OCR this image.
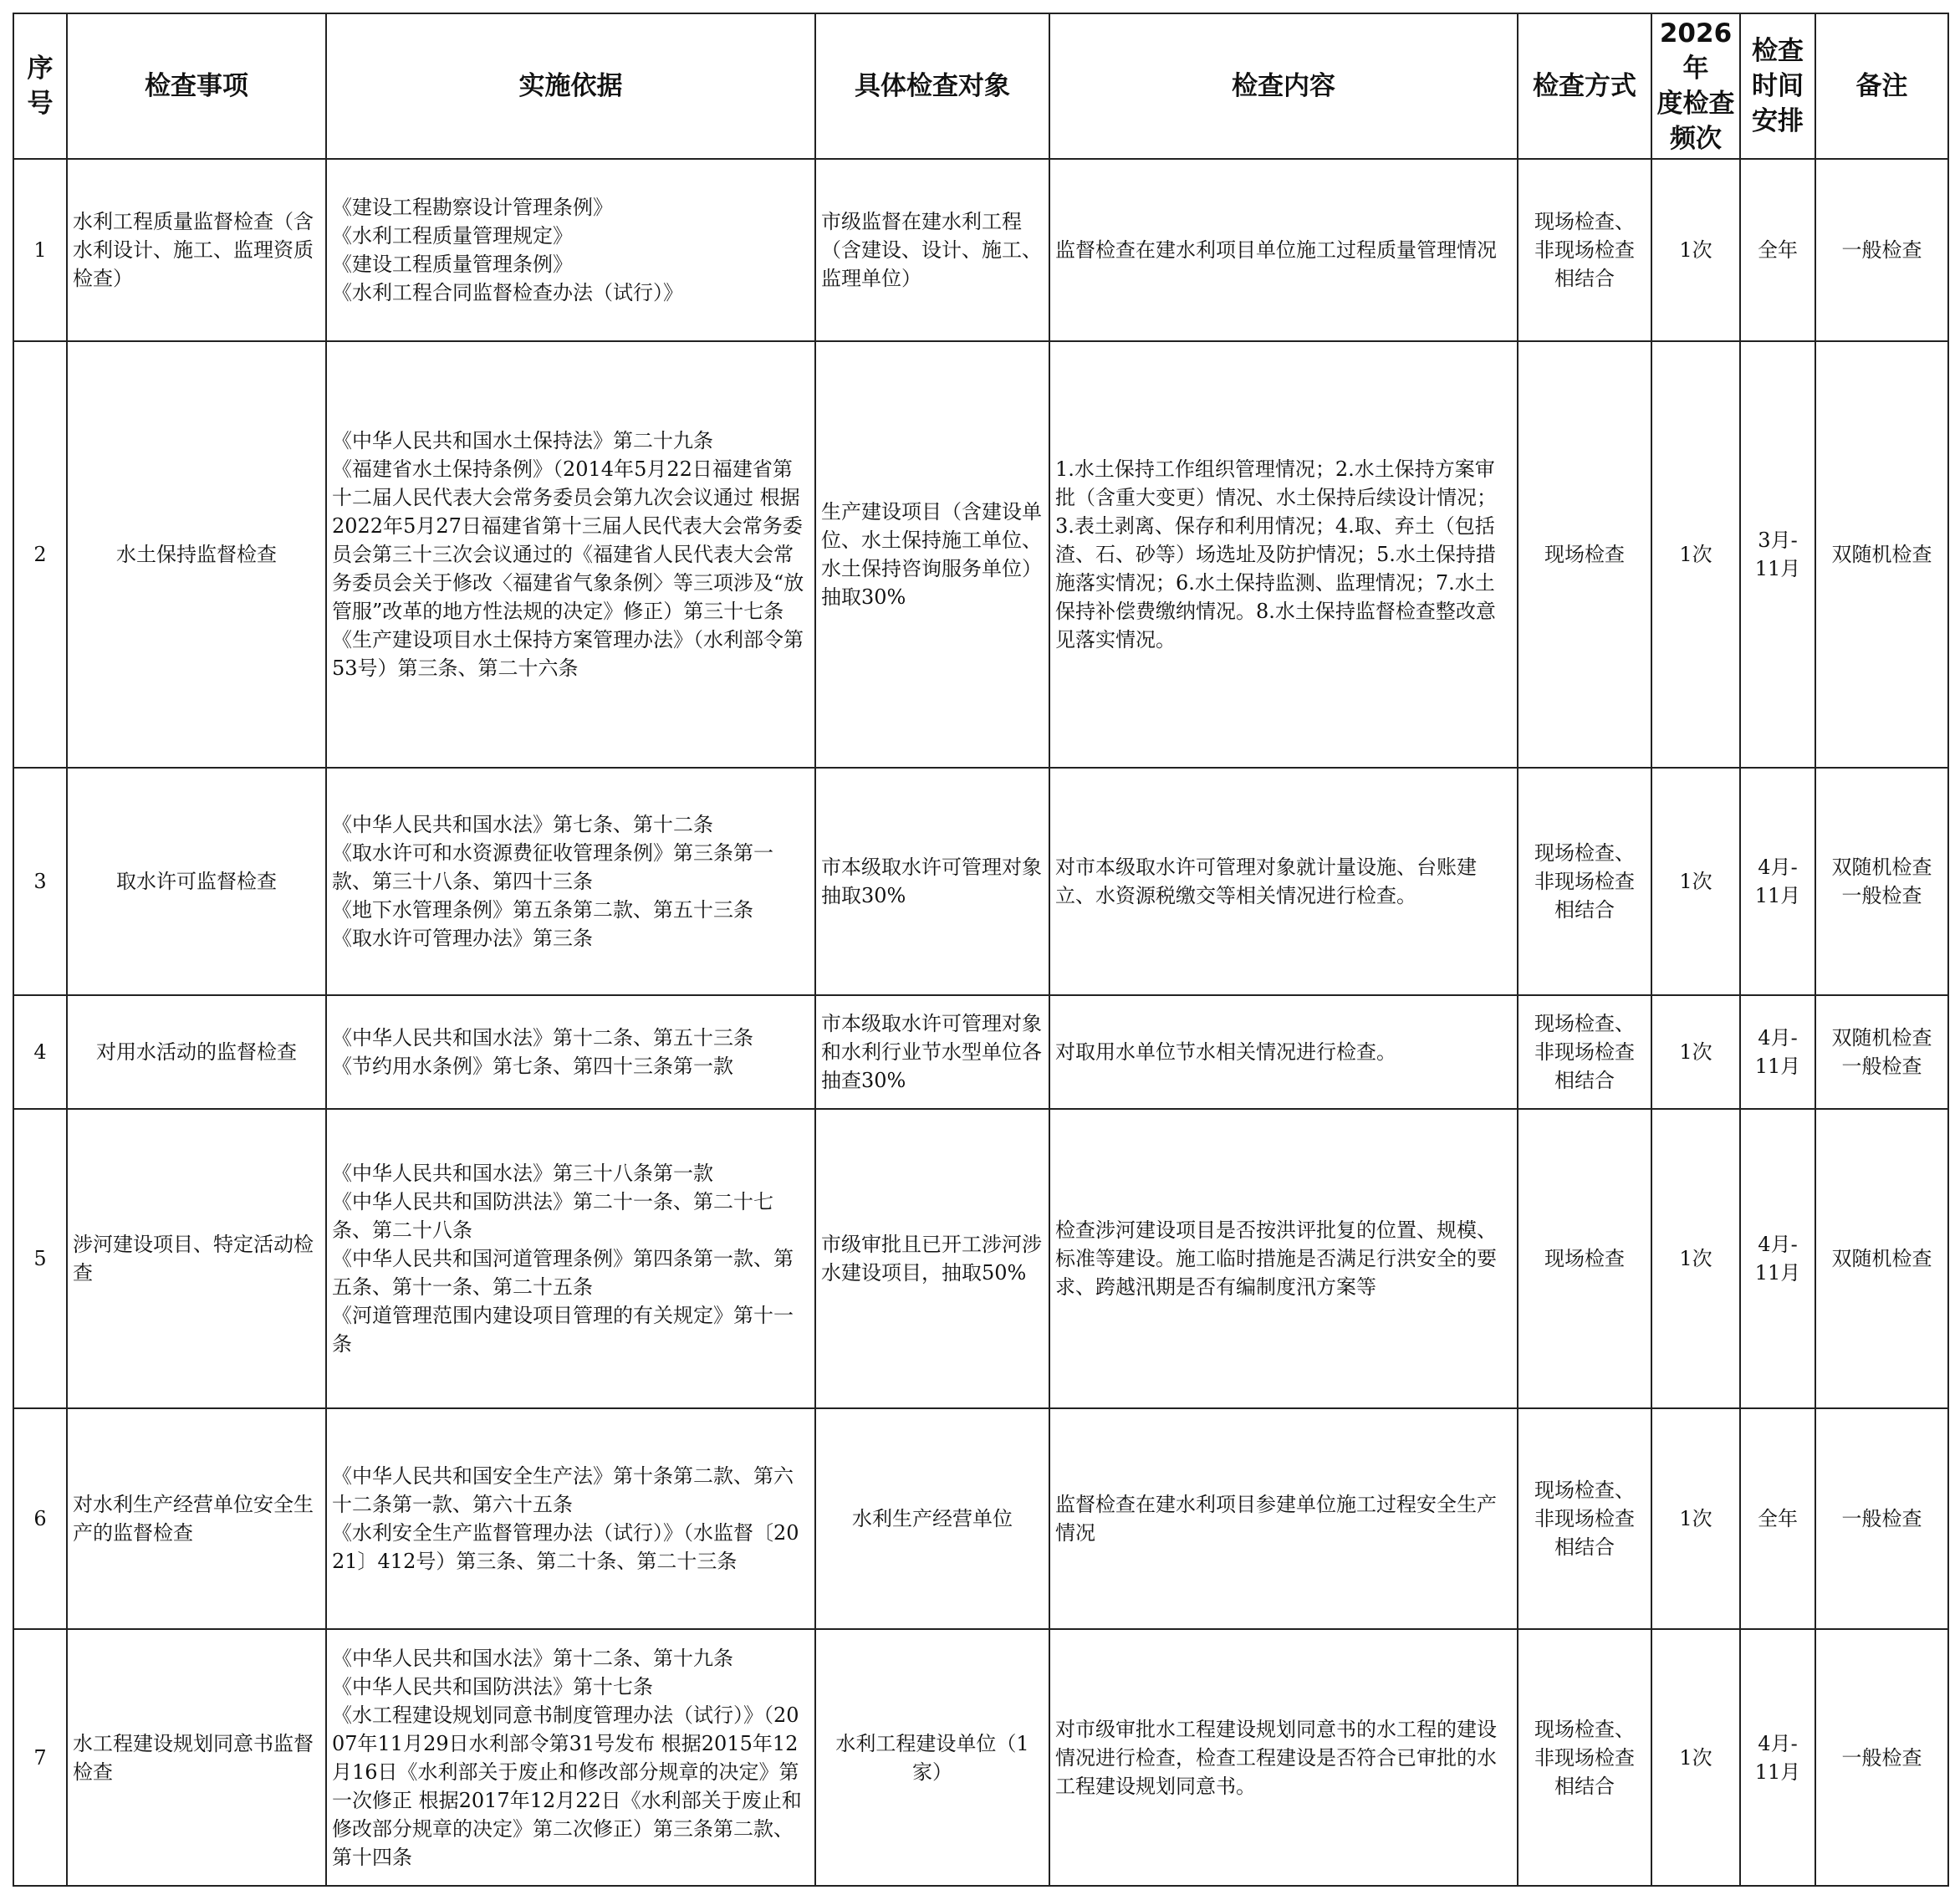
序
号	检查事项	实施依据	具体检查对象	检查内容	检查方式	2026年
度检查
频次	检查
时间
安排	备注
1	水利工程质量监督检查（含水利设计、施工、监理资质检查）	《建设工程勘察设计管理条例》
《水利工程质量管理规定》
《建设工程质量管理条例》
《水利工程合同监督检查办法（试行）》	市级监督在建水利工程（含建设、设计、施工、监理单位）	监督检查在建水利项目单位施工过程质量管理情况	现场检查、
非现场检查
相结合	1次	全年	一般检查

2	水土保持监督检查	《中华人民共和国水土保持法》第二十九条
《福建省水土保持条例》（2014年5月22日福建省第十二届人民代表大会常务委员会第九次会议通过 根据2022年5月27日福建省第十三届人民代表大会常务委员会第三十三次会议通过的《福建省人民代表大会常务委员会关于修改〈福建省气象条例〉等三项涉及“放管服”改革的地方性法规的决定》修正）第三十七条
《生产建设项目水土保持方案管理办法》（水利部令第53号）第三条、第二十六条	生产建设项目（含建设单位、水土保持施工单位、水土保持咨询服务单位）抽取30%	1.水土保持工作组织管理情况；2.水土保持方案审批（含重大变更）情况、水土保持后续设计情况；3.表土剥离、保存和利用情况；4.取、弃土（包括渣、石、砂等）场选址及防护情况；5.水土保持措施落实情况；6.水土保持监测、监理情况；7.水土保持补偿费缴纳情况。8.水土保持监督检查整改意见落实情况。	现场检查	1次	3月-
11月	双随机检查

3	取水许可监督检查	《中华人民共和国水法》第七条、第十二条
《取水许可和水资源费征收管理条例》第三条第一款、第三十八条、第四十三条
《地下水管理条例》第五条第二款、第五十三条
《取水许可管理办法》第三条	市本级取水许可管理对象抽取30%	对市本级取水许可管理对象就计量设施、台账建立、水资源税缴交等相关情况进行检查。	现场检查、
非现场检查
相结合	1次	4月-
11月	双随机检查
一般检查

4	对用水活动的监督检查	《中华人民共和国水法》第十二条、第五十三条
《节约用水条例》第七条、第四十三条第一款	市本级取水许可管理对象和水利行业节水型单位各抽查30%	对取用水单位节水相关情况进行检查。	现场检查、
非现场检查
相结合	1次	4月-
11月	双随机检查
一般检查

5	涉河建设项目、特定活动检查	《中华人民共和国水法》第三十八条第一款
《中华人民共和国防洪法》第二十一条、第二十七条、第二十八条
《中华人民共和国河道管理条例》第四条第一款、第五条、第十一条、第二十五条
《河道管理范围内建设项目管理的有关规定》第十一条	市级审批且已开工涉河涉水建设项目，抽取50%	检查涉河建设项目是否按洪评批复的位置、规模、标准等建设。施工临时措施是否满足行洪安全的要求、跨越汛期是否有编制度汛方案等	现场检查	1次	4月-
11月	双随机检查

6	对水利生产经营单位安全生产的监督检查	《中华人民共和国安全生产法》第十条第二款、第六十二条第一款、第六十五条
《水利安全生产监督管理办法（试行）》（水监督〔2021〕412号）第三条、第二十条、第二十三条	水利生产经营单位	监督检查在建水利项目参建单位施工过程安全生产情况	现场检查、
非现场检查
相结合	1次	全年	一般检查

7	水工程建设规划同意书监督检查	《中华人民共和国水法》第十二条、第十九条
《中华人民共和国防洪法》第十七条
《水工程建设规划同意书制度管理办法（试行）》（2007年11月29日水利部令第31号发布 根据2015年12月16日《水利部关于废止和修改部分规章的决定》第一次修正 根据2017年12月22日《水利部关于废止和修改部分规章的决定》第二次修正）第三条第二款、第十四条	水利工程建设单位（1家）	对市级审批水工程建设规划同意书的水工程的建设情况进行检查，检查工程建设是否符合已审批的水工程建设规划同意书。	现场检查、
非现场检查
相结合	1次	4月-
11月	一般检查
